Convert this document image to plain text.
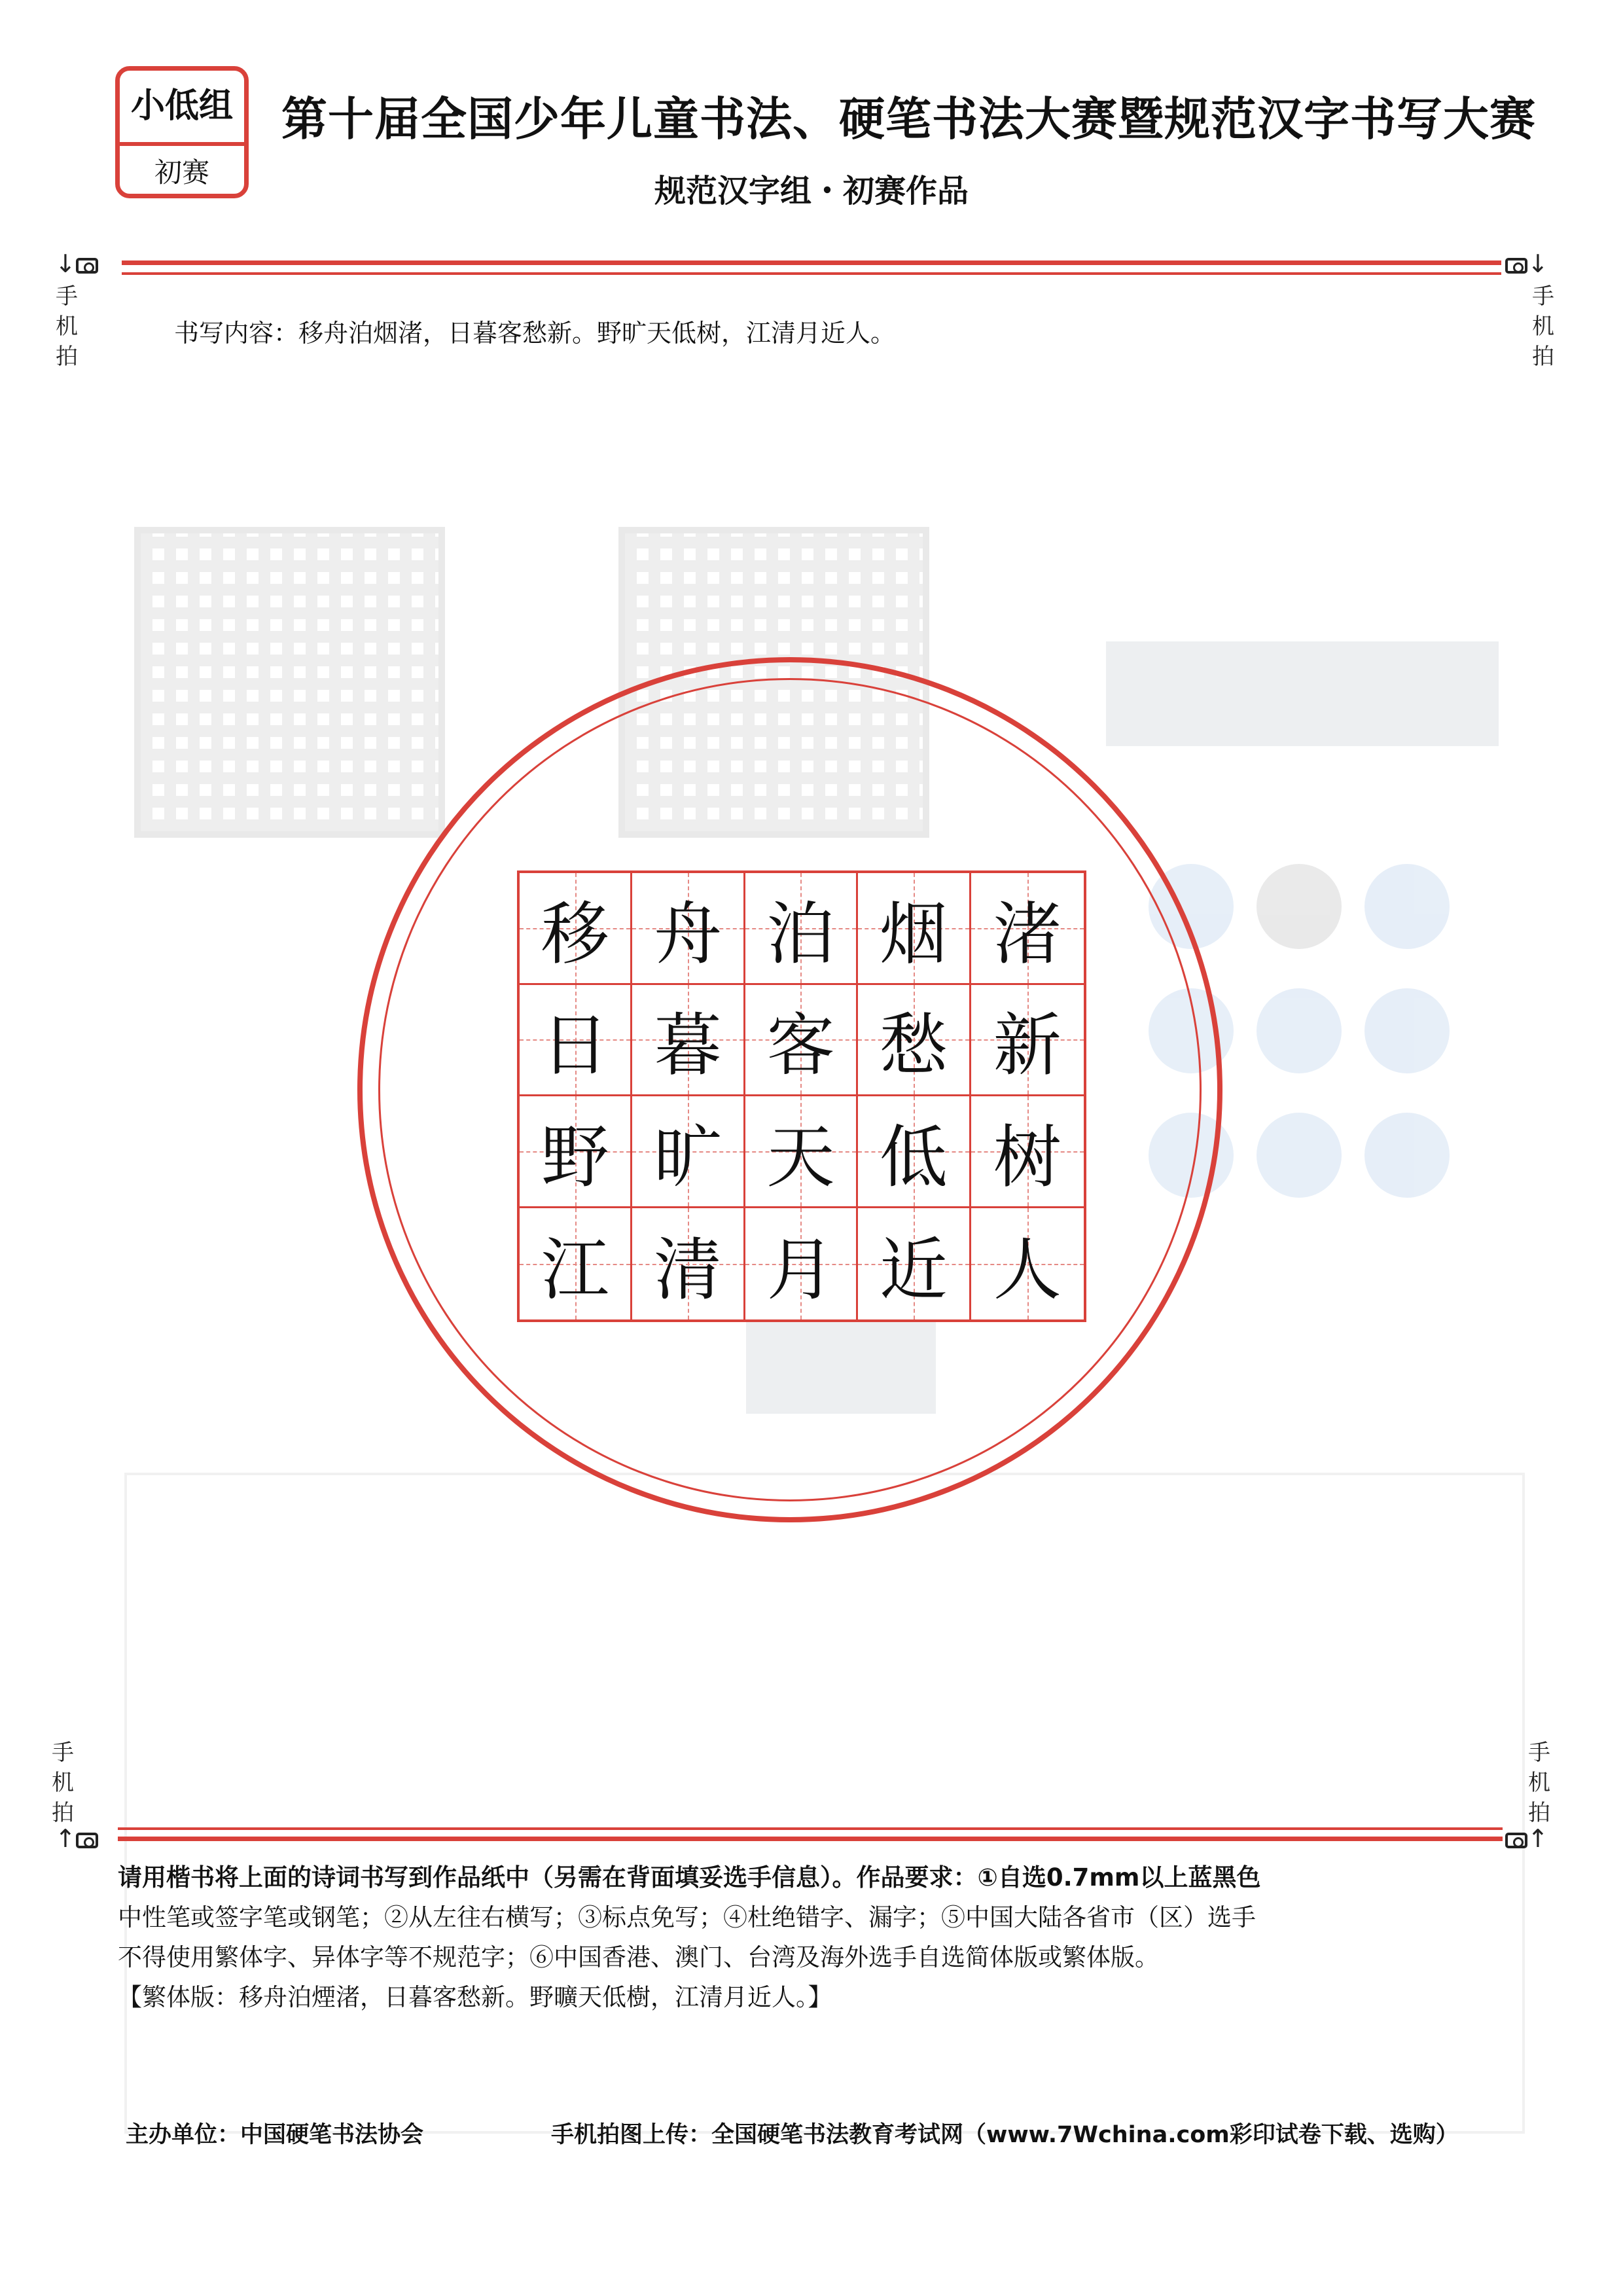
小低组
初赛
第十届全国少年儿童书法、硬笔书法大赛暨规范汉字书写大赛
规范汉字组・初赛作品
↓
手
机
拍
↓
手
机
拍
书写内容：移舟泊烟渚，日暮客愁新。野旷天低树，江清月近人。
移 舟 泊 烟 渚
日 暮 客 愁 新
野 旷 天 低 树
江 清 月 近 人
手
机
拍
↑
手
机
拍
↑

请用楷书将上面的诗词书写到作品纸中（另需在背面填妥选手信息）。作品要求：①自选0.7mm以上蓝黑色

中性笔或签字笔或钢笔；②从左往右横写；③标点免写；④杜绝错字、漏字；⑤中国大陆各省市（区）选手

不得使用繁体字、异体字等不规范字；⑥中国香港、澳门、台湾及海外选手自选简体版或繁体版。

【繁体版：移舟泊煙渚，日暮客愁新。野曠天低樹，江清月近人。】

主办单位：中国硬笔书法协会	手机拍图上传：全国硬笔书法教育考试网（www.7Wchina.com彩印试卷下载、选购）
